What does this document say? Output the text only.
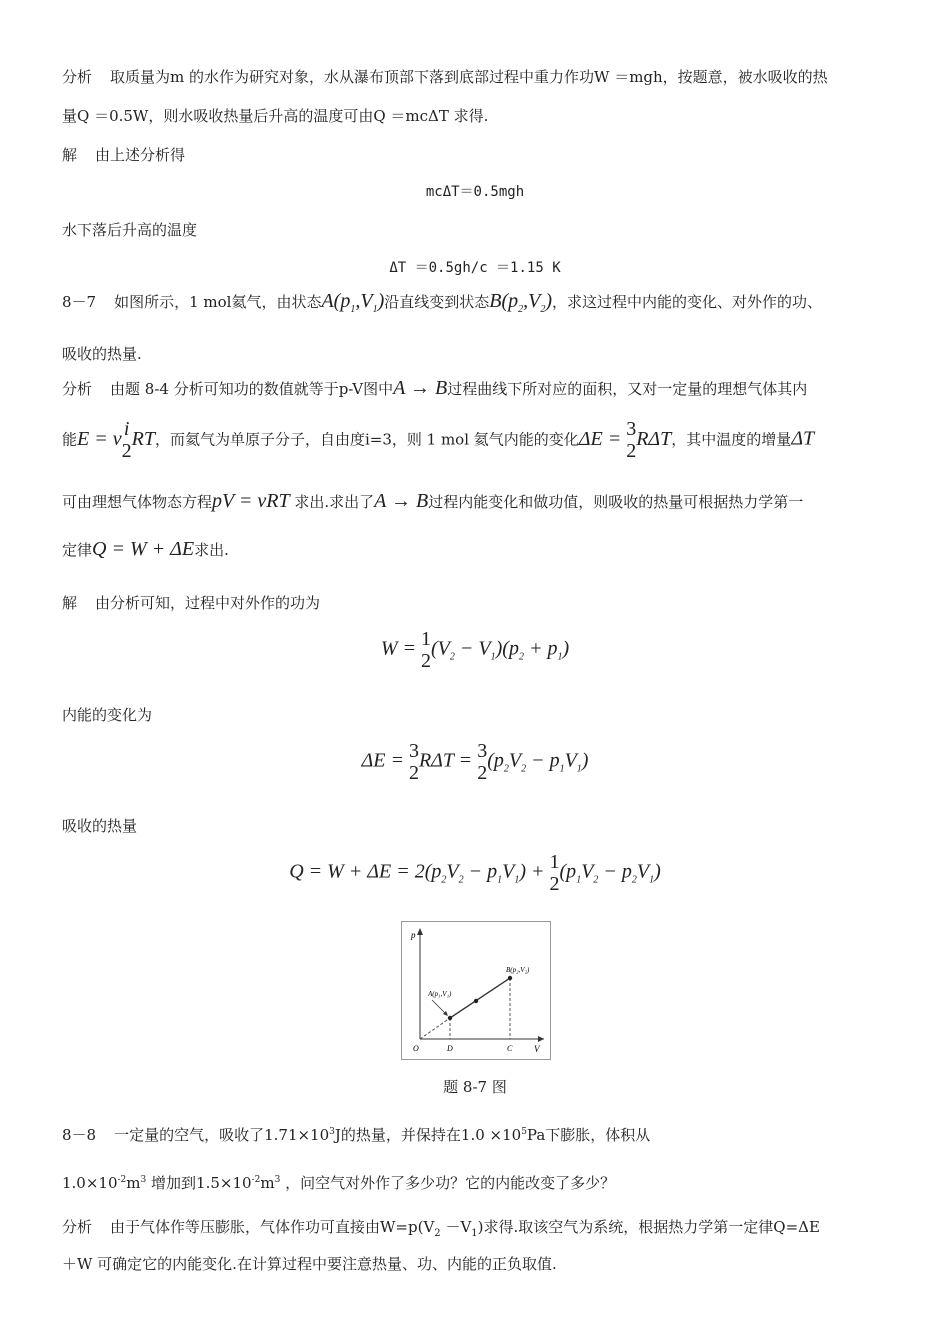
分析 取质量为m 的水作为研究对象，水从瀑布顶部下落到底部过程中重力作功W ＝mgh，按题意，被水吸收的热
量Q ＝0.5W，则水吸收热量后升高的温度可由Q ＝mcΔT 求得.
解 由上述分析得
mcΔT＝0.5mgh
水下落后升高的温度
ΔT ＝0.5gh/c ＝1.15 K
8－7 如图所示，1 mol氦气，由状态$A(p_1,V_1)$沿直线变到状态$B(p_2,V_2)$，求这过程中内能的变化、对外作的功、
吸收的热量.
分析 由题 8-4 分析可知功的数值就等于p-V图中A → B过程曲线下所对应的面积，又对一定量的理想气体其内
能E = ν i
2
RT，而氦气为单原子分子，自由度i=3，则 1 mol 氦气内能的变化ΔE = 3
2
RΔT，其中温度的增量ΔT
可由理想气体物态方程pV = νRT 求出.求出了A → B过程内能变化和做功值，则吸收的热量可根据热力学第一
定律Q = W + ΔE求出.
解 由分析可知，过程中对外作的功为
W = 1
2
$(V_2 - V_1)(p_2 + p_1)$
内能的变化为
ΔE = 3
2
RΔT = 3
2
$(p_2V_2 - p_1V_1)$
吸收的热量
$Q = W + \Delta E = 2(p_2V_2 - p_1V_1) + 1$
2
$(p_1V_2 - p_2V_1)$
p
V
O	D	C
A(p₁,V₁)
B(p₂,V₂)
题 8-7 图
8－8 一定量的空气，吸收了$1.71\times 10^3J$的热量，并保持在$1.0 \times 10^5Pa$下膨胀，体积从
$1.0\times 10^{-2}m^3$ 增加到$1.5\times 10^{-2}m^3$ ，问空气对外作了多少功？它的内能改变了多少？
分析 由于气体作等压膨胀，气体作功可直接由$W=p(V_2 -V_1)$求得.取该空气为系统，根据热力学第一定律Q=ΔE
＋W 可确定它的内能变化.在计算过程中要注意热量、功、内能的正负取值.
